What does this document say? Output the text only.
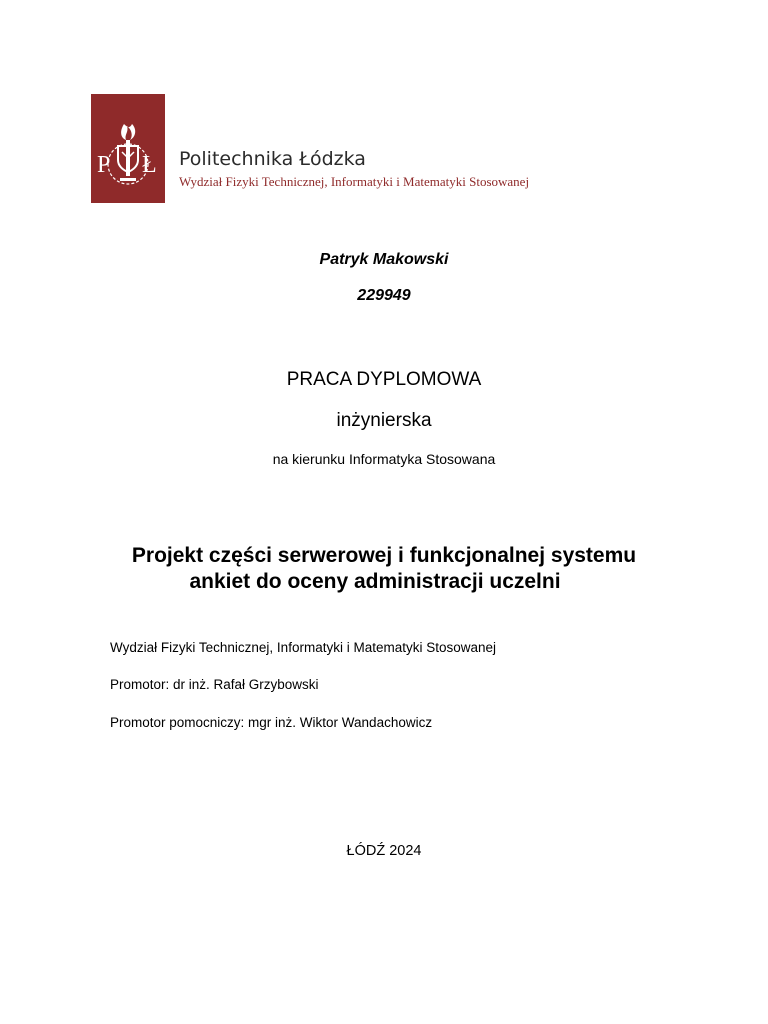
P Ł Politechnika Łódzka
Wydział Fizyki Technicznej, Informatyki i Matematyki Stosowanej
Patryk Makowski
229949
PRACA DYPLOMOWA
inżynierska
na kierunku Informatyka Stosowana
Projekt części serwerowej i funkcjonalnej systemu
ankiet do oceny administracji uczelni
Wydział Fizyki Technicznej, Informatyki i Matematyki Stosowanej
Promotor: dr inż. Rafał Grzybowski
Promotor pomocniczy: mgr inż. Wiktor Wandachowicz
ŁÓDŹ 2024
